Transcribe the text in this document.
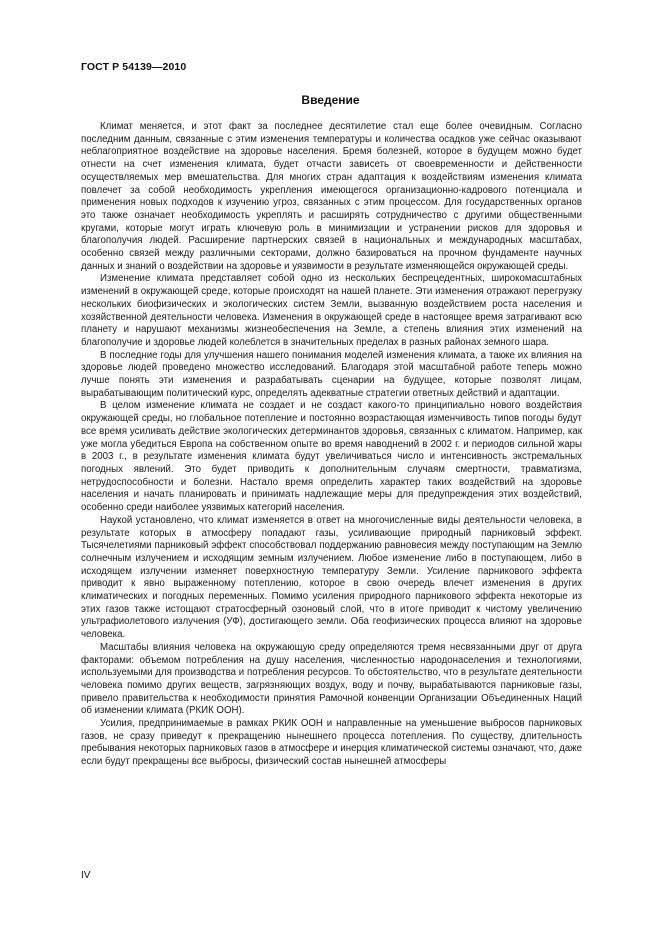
ГОСТ Р 54139—2010
Введение

Климат меняется, и этот факт за последнее десятилетие стал еще более очевидным. Согласно последним данным, связанные с этим изменения температуры и количества осадков уже сейчас оказывают неблагоприятное воздействие на здоровье населения. Бремя болезней, которое в будущем можно будет отнести на счет изменения климата, будет отчасти зависеть от своевременности и действенности осуществляемых мер вмешательства. Для многих стран адаптация к воздействиям изменения климата повлечет за собой необходимость укрепления имеющегося организационно-кадрового потенциала и применения новых подходов к изучению угроз, связанных с этим процессом. Для государственных органов это также означает необходимость укреплять и расширять сотрудничество с другими общественными кругами, которые могут играть ключевую роль в минимизации и устранении рисков для здоровья и благополучия людей. Расширение партнерских связей в национальных и международных масштабах, особенно связей между различными секторами, должно базироваться на прочном фундаменте научных данных и знаний о воздействии на здоровье и уязвимости в результате изменяющейся окружающей среды.

Изменение климата представляет собой одно из нескольких беспрецедентных, широкомасштабных изменений в окружающей среде, которые происходят на нашей планете. Эти изменения отражают перегрузку нескольких биофизических и экологических систем Земли, вызванную воздействием роста населения и хозяйственной деятельности человека. Изменения в окружающей среде в настоящее время затрагивают всю планету и нарушают механизмы жизнеобеспечения на Земле, а степень влияния этих изменений на благополучие и здоровье людей колеблется в значительных пределах в разных районах земного шара.

В последние годы для улучшения нашего понимания моделей изменения климата, а также их влияния на здоровье людей проведено множество исследований. Благодаря этой масштабной работе теперь можно лучше понять эти изменения и разрабатывать сценарии на будущее, которые позволят лицам, вырабатывающим политический курс, определять адекватные стратегии ответных действий и адаптации.

В целом изменение климата не создает и не создаст какого-то принципиально нового воздействия окружающей среды, но глобальное потепление и постоянно возрастающая изменчивость типов погоды будут все время усиливать действие экологических детерминантов здоровья, связанных с климатом. Например, как уже могла убедиться Европа на собственном опыте во время наводнений в 2002 г. и периодов сильной жары в 2003 г., в результате изменения климата будут увеличиваться число и интенсивность экстремальных погодных явлений. Это будет приводить к дополнительным случаям смертности, травматизма, нетрудоспособности и болезни. Настало время определить характер таких воздействий на здоровье населения и начать планировать и принимать надлежащие меры для предупреждения этих воздействий, особенно среди наиболее уязвимых категорий населения.

Наукой установлено, что климат изменяется в ответ на многочисленные виды деятельности человека, в результате которых в атмосферу попадают газы, усиливающие природный парниковый эффект. Тысячелетиями парниковый эффект способствовал поддержанию равновесия между поступающим на Землю солнечным излучением и исходящим земным излучением. Любое изменение либо в поступающем, либо в исходящем излучении изменяет поверхностную температуру Земли. Усиление парникового эффекта приводит к явно выраженному потеплению, которое в свою очередь влечет изменения в других климатических и погодных переменных. Помимо усиления природного парникового эффекта некоторые из этих газов также истощают стратосферный озоновый слой, что в итоге приводит к чистому увеличению ультрафиолетового излучения (УФ), достигающего земли. Оба геофизических процесса влияют на здоровье человека.

Масштабы влияния человека на окружающую среду определяются тремя несвязанными друг от друга факторами: объемом потребления на душу населения, численностью народонаселения и технологиями, используемыми для производства и потребления ресурсов. То обстоятельство, что в результате деятельности человека помимо других веществ, загрязняющих воздух, воду и почву, вырабатываются парниковые газы, привело правительства к необходимости принятия Рамочной конвенции Организации Объединенных Наций об изменении климата (РКИК ООН).

Усилия, предпринимаемые в рамках РКИК ООН и направленные на уменьшение выбросов парниковых газов, не сразу приведут к прекращению нынешнего процесса потепления. По существу, длительность пребывания некоторых парниковых газов в атмосфере и инерция климатической системы означают, что, даже если будут прекращены все выбросы, физический состав нынешней атмосферы

IV
